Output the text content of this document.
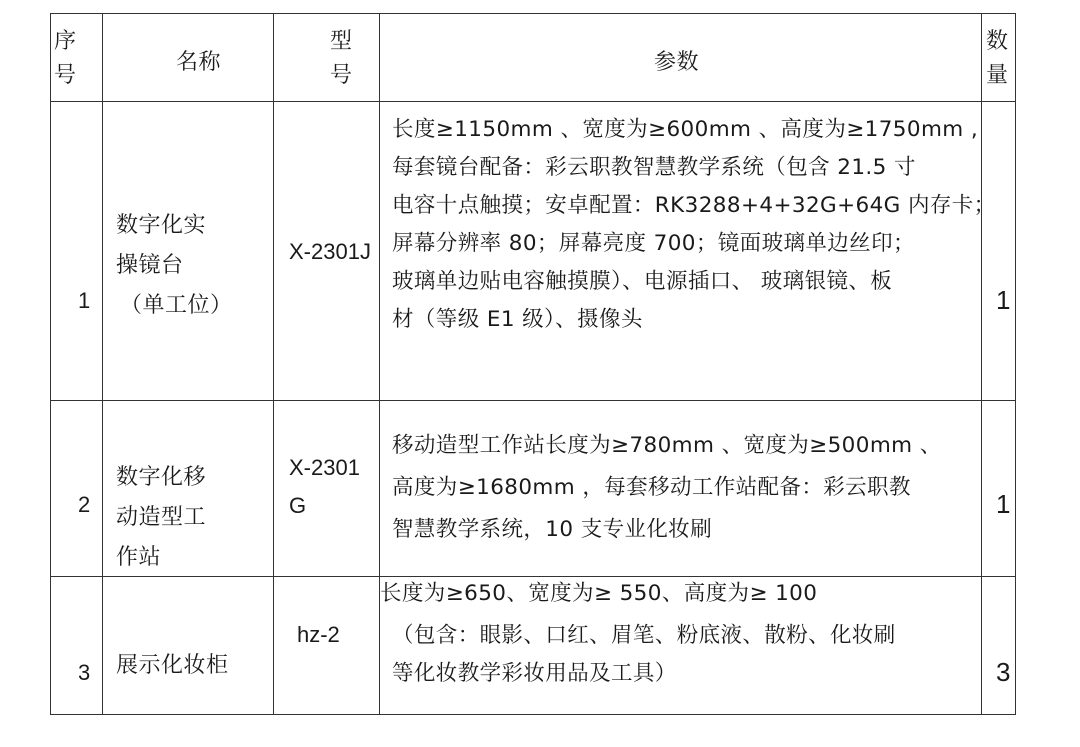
序
号
名称
型
号
参数
数
量
1
数字化实
操镜台
（单工位）
X-2301J
长度≥1150mm 、宽度为≥600mm 、高度为≥1750mm ,
每套镜台配备：彩云职教智慧教学系统（包含 21.5 寸
电容十点触摸；安卓配置：RK3288+4+32G+64G 内存卡；
屏幕分辨率 80；屏幕亮度 700；镜面玻璃单边丝印；
玻璃单边贴电容触摸膜）、电源插口、 玻璃银镜、板
材（等级 E1 级）、摄像头
1
2
数字化移
动造型工
作站
X-2301
G
移动造型工作站长度为≥780mm 、宽度为≥500mm 、
高度为≥1680mm ，每套移动工作站配备：彩云职教
智慧教学系统，10 支专业化妆刷
1
3 展示化妆柜
hz-2
长度为≥650、宽度为≥ 550、高度为≥ 100
（包含：眼影、口红、眉笔、粉底液、散粉、化妆刷
等化妆教学彩妆用品及工具）	3
